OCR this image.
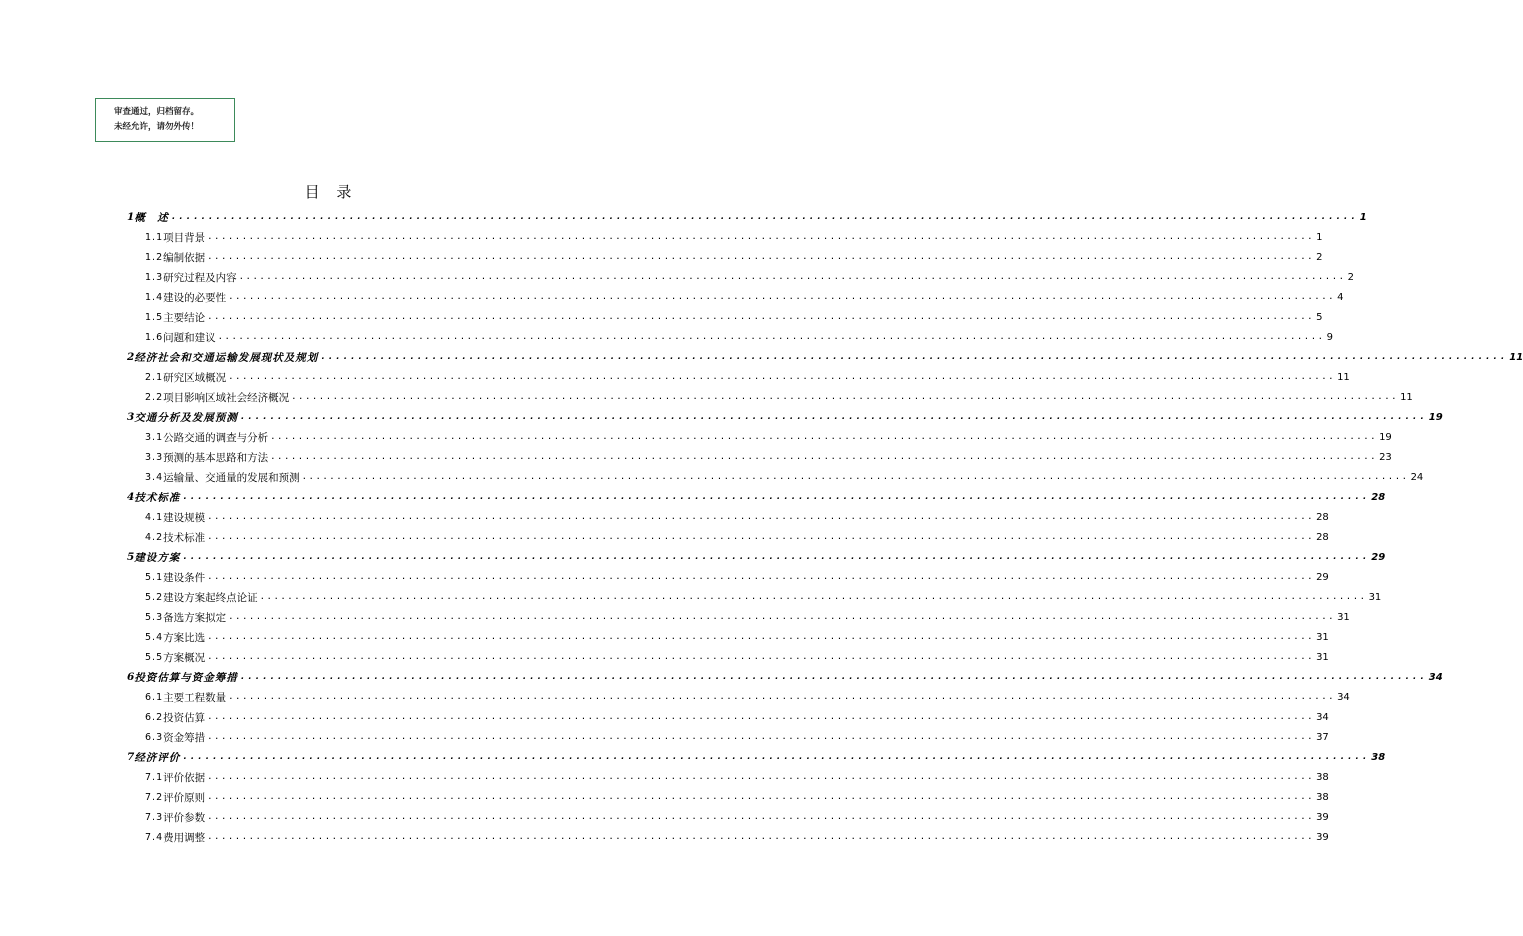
审查通过，归档留存。
未经允许，请勿外传！
目 录
1 概　述 ................................................................................................................................................................ 1
1.1 项目背景 ................................................................................................................................................................ 1
1.2 编制依据 ................................................................................................................................................................ 2
1.3 研究过程及内容 ................................................................................................................................................................ 2
1.4 建设的必要性 ................................................................................................................................................................ 4
1.5 主要结论 ................................................................................................................................................................ 5
1.6 问题和建议 ................................................................................................................................................................ 9
2 经济社会和交通运输发展现状及规划 ................................................................................................................................................................ 11
2.1 研究区域概况 ................................................................................................................................................................ 11
2.2 项目影响区域社会经济概况 ................................................................................................................................................................ 11
3 交通分析及发展预测 ................................................................................................................................................................ 19
3.1 公路交通的调查与分析 ................................................................................................................................................................ 19
3.3 预测的基本思路和方法 ................................................................................................................................................................ 23
3.4 运输量、交通量的发展和预测 ................................................................................................................................................................ 24
4 技术标准 ................................................................................................................................................................ 28
4.1 建设规模 ................................................................................................................................................................ 28
4.2 技术标准 ................................................................................................................................................................ 28
5 建设方案 ................................................................................................................................................................ 29
5.1 建设条件 ................................................................................................................................................................ 29
5.2 建设方案起终点论证 ................................................................................................................................................................ 31
5.3 备选方案拟定 ................................................................................................................................................................ 31
5.4 方案比选 ................................................................................................................................................................ 31
5.5 方案概况 ................................................................................................................................................................ 31
6 投资估算与资金筹措 ................................................................................................................................................................ 34
6.1 主要工程数量 ................................................................................................................................................................ 34
6.2 投资估算 ................................................................................................................................................................ 34
6.3 资金筹措 ................................................................................................................................................................ 37
7 经济评价 ................................................................................................................................................................ 38
7.1 评价依据 ................................................................................................................................................................ 38
7.2 评价原则 ................................................................................................................................................................ 38
7.3 评价参数 ................................................................................................................................................................ 39
7.4 费用调整 ................................................................................................................................................................ 39
